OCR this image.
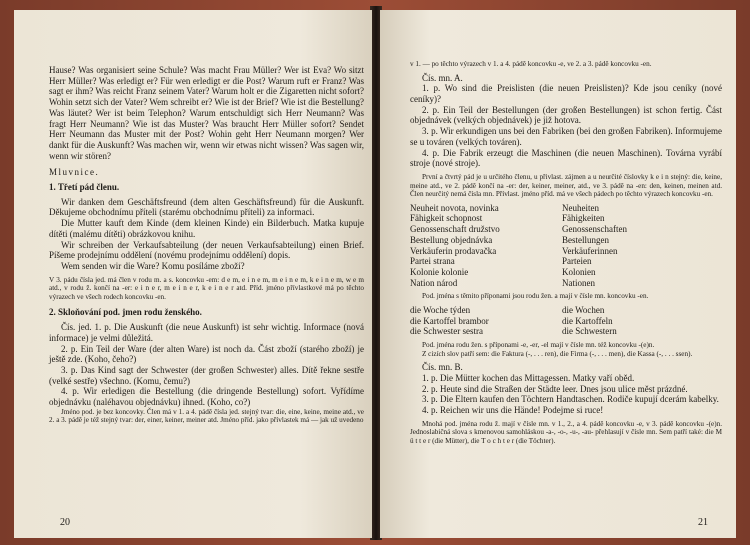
Hause? Was organisiert seine Schule? Was macht Frau Müller? Wer ist Eva? Wo sitzt Herr Müller? Was erledigt er? Für wen erledigt er die Post? Warum ruft er Franz? Was sagt er ihm? Was reicht Franz seinem Vater? Warum holt er die Zigaretten nicht sofort? Wohin setzt sich der Vater? Wem schreibt er? Wie ist der Brief? Wie ist die Bestellung? Was läutet? Wer ist beim Telephon? Warum entschuldigt sich Herr Neumann? Was fragt Herr Neumann? Wie ist das Muster? Was braucht Herr Müller sofort? Sendet Herr Neumann das Muster mit der Post? Wohin geht Herr Neumann morgen? Wer dankt für die Auskunft? Was machen wir, wenn wir etwas nicht wissen? Was sagen wir, wenn wir stören?

Mluvnice.

1. Třetí pád členu.

Wir danken dem Geschäftsfreund (dem alten Geschäftsfreund) für die Auskunft. Děkujeme obchodnímu příteli (starému obchodnímu příteli) za informaci.

Die Mutter kauft dem Kinde (dem kleinen Kinde) ein Bilderbuch. Matka kupuje dítěti (malému dítěti) obrázkovou knihu.

Wir schreiben der Verkaufsabteilung (der neuen Verkaufsabteilung) einen Brief. Píšeme prodejnímu oddělení (novému prodejnímu oddělení) dopis.

Wem senden wir die Ware? Komu posíláme zboží?

V 3. pádu čísla jed. má člen v rodu m. a s. koncovku -em: d e m, e i n e m, m e i n e m, k e i n e m, w e m atd., v rodu ž. končí na -er: e i n e r, m e i n e r, k e i n e r atd. Příd. jméno přívlastkové má po těchto výrazech ve všech rodech koncovku -en.

2. Skloňování pod. jmen rodu ženského.

Čís. jed. 1. p. Die Auskunft (die neue Auskunft) ist sehr wichtig. Informace (nová informace) je velmi důležitá.

2. p. Ein Teil der Ware (der alten Ware) ist noch da. Část zboží (starého zboží) je ještě zde. (Koho, čeho?)

3. p. Das Kind sagt der Schwester (der großen Schwester) alles. Dítě řekne sestře (velké sestře) všechno. (Komu, čemu?)

4. p. Wir erledigen die Bestellung (die dringende Bestellung) sofort. Vyřídíme objednávku (naléhavou objednávku) ihned. (Koho, co?)

Jméno pod. je bez koncovky. Člen má v 1. a 4. pádě čísla jed. stejný tvar: die, eine, keine, meine atd., ve 2. a 3. pádě je též stejný tvar: der, einer, keiner, meiner atd. Jméno příd. jako přívlastek má — jak už uvedeno

20

v 1. — po těchto výrazech v 1. a 4. pádě koncovku -e, ve 2. a 3. pádě koncovku -en.

Čís. mn. A.

1. p. Wo sind die Preislisten (die neuen Preislisten)? Kde jsou ceníky (nové ceníky)?

2. p. Ein Teil der Bestellungen (der großen Bestellungen) ist schon fertig. Část objednávek (velkých objednávek) je již hotova.

3. p. Wir erkundigen uns bei den Fabriken (bei den großen Fabriken). Informujeme se u továren (velkých továren).

4. p. Die Fabrik erzeugt die Maschinen (die neuen Maschinen). Továrna vyrábí stroje (nové stroje).

První a čtvrtý pád je u určitého členu, u přivlast. zájmen a u neurčité číslovky k e i n stejný: die, keine, meine atd., ve 2. pádě končí na -er: der, keiner, meiner, atd., ve 3. pádě na -en: den, keinen, meinen atd. Člen neurčitý nemá čísla mn. Přívlast. jméno příd. má ve všech pádech po těchto výrazech koncovku -en.

Neuheit novota, novinka	Neuheiten
Fähigkeit schopnost	Fähigkeiten
Genossenschaft družstvo	Genossenschaften
Bestellung objednávka	Bestellungen
Verkäuferin prodavačka	Verkäuferinnen
Partei strana	Parteien
Kolonie kolonie	Kolonien
Nation národ	Nationen

Pod. jména s těmito příponami jsou rodu žen. a mají v čísle mn. koncovku -en.

die Woche týden	die Wochen
die Kartoffel brambor	die Kartoffeln
die Schwester sestra	die Schwestern

Pod. jména rodu žen. s příponami -e, -er, -el mají v čísle mn. též koncovku -(e)n.

Z cizích slov patří sem: die Faktura (-, . . . ren), die Firma (-, . . . men), die Kassa (-, . . . ssen).

Čís. mn. B.

1. p. Die Mütter kochen das Mittagessen. Matky vaří oběd.

2. p. Heute sind die Straßen der Städte leer. Dnes jsou ulice měst prázdné.

3. p. Die Eltern kaufen den Töchtern Handtaschen. Rodiče kupují dcerám kabelky.

4. p. Reichen wir uns die Hände! Podejme si ruce!

Mnohá pod. jména rodu ž. mají v čísle mn. v 1., 2., a 4. pádě koncovku -e, v 3. pádě koncovku -(e)n. Jednoslabičná slova s kmenovou samohláskou -a-, -o-, -u-, -au- přehlasují v čísle mn. Sem patří také: die M ü t t e r (die Mütter), die T o c h t e r (die Töchter).

21
